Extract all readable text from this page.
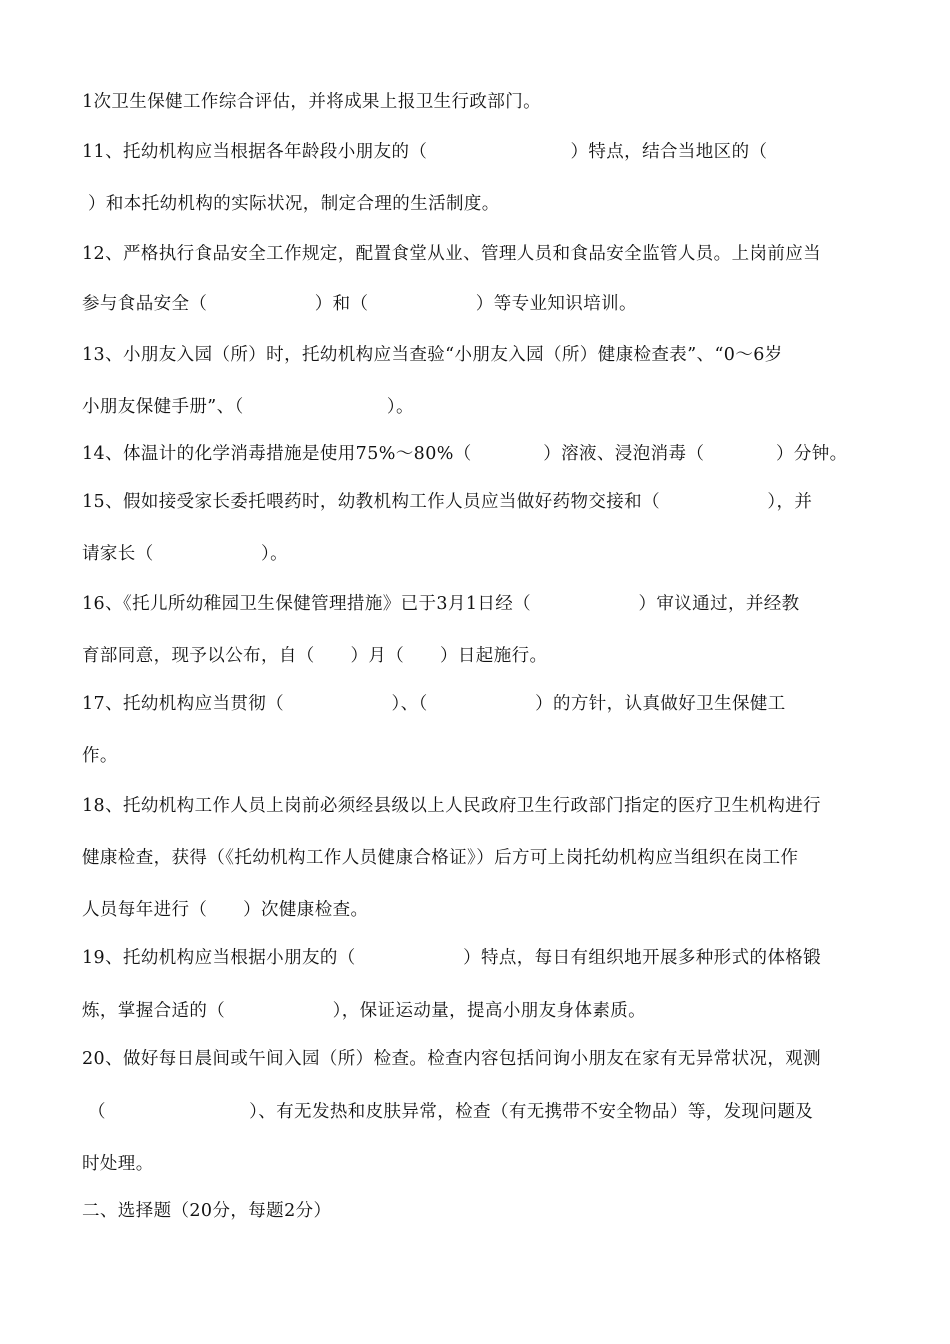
1次卫生保健工作综合评估，并将成果上报卫生行政部门。
11、托幼机构应当根据各年龄段小朋友的（　　　　　　　　）特点，结合当地区的（
）和本托幼机构的实际状况，制定合理的生活制度。
12、严格执行食品安全工作规定，配置食堂从业、管理人员和食品安全监管人员。上岗前应当
参与食品安全（　　　　　　）和（　　　　　　）等专业知识培训。
13、小朋友入园（所）时，托幼机构应当查验“小朋友入园（所）健康检查表”、“0～6岁
小朋友保健手册”、（　　　　　　　　）。
14、体温计的化学消毒措施是使用75%～80%（　　　　）溶液、浸泡消毒（　　　　）分钟。
15、假如接受家长委托喂药时，幼教机构工作人员应当做好药物交接和（　　　　　　），并
请家长（　　　　　　）。
16、《托儿所幼稚园卫生保健管理措施》已于3月1日经（　　　　　　）审议通过，并经教
育部同意，现予以公布，自（　　）月（　　）日起施行。
17、托幼机构应当贯彻（　　　　　　）、（　　　　　　）的方针，认真做好卫生保健工
作。
18、托幼机构工作人员上岗前必须经县级以上人民政府卫生行政部门指定的医疗卫生机构进行
健康检查，获得（《托幼机构工作人员健康合格证》）后方可上岗托幼机构应当组织在岗工作
人员每年进行（　　）次健康检查。
19、托幼机构应当根据小朋友的（　　　　　　）特点，每日有组织地开展多种形式的体格锻
炼，掌握合适的（　　　　　　），保证运动量，提高小朋友身体素质。
20、做好每日晨间或午间入园（所）检查。检查内容包括问询小朋友在家有无异常状况，观测
（　　　　　　　　）、有无发热和皮肤异常，检查（有无携带不安全物品）等，发现问题及
时处理。
二、选择题（20分，每题2分）
